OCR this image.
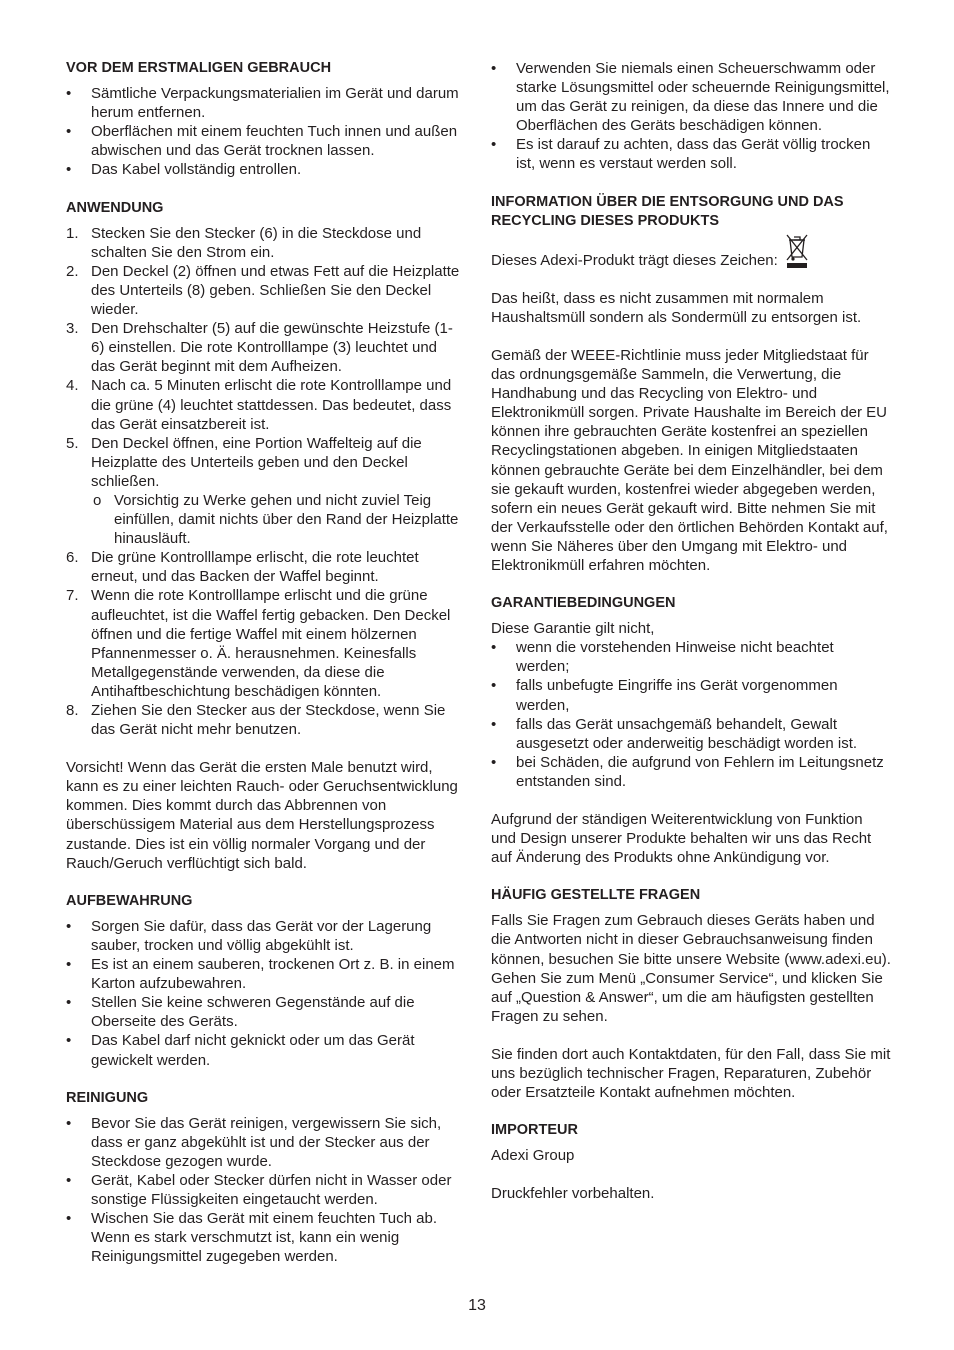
VOR DEM ERSTMALIGEN GEBRAUCH
• Sämtliche Verpackungsmaterialien im Gerät und darum herum entfernen.
• Oberflächen mit einem feuchten Tuch innen und außen abwischen und das Gerät trocknen lassen.
• Das Kabel vollständig entrollen.
ANWENDUNG
1. Stecken Sie den Stecker (6) in die Steckdose und schalten Sie den Strom ein.
2. Den Deckel (2) öffnen und etwas Fett auf die Heizplatte des Unterteils (8) geben. Schließen Sie den Deckel wieder.
3. Den Drehschalter (5) auf die gewünschte Heizstufe (1-6) einstellen. Die rote Kontrolllampe (3) leuchtet und das Gerät beginnt mit dem Aufheizen.
4. Nach ca. 5 Minuten erlischt die rote Kontrolllampe und die grüne (4) leuchtet stattdessen. Das bedeutet, dass das Gerät einsatzbereit ist.
5. Den Deckel öffnen, eine Portion Waffelteig auf die Heizplatte des Unterteils geben und den Deckel schließen.
o Vorsichtig zu Werke gehen und nicht zuviel Teig einfüllen, damit nichts über den Rand der Heizplatte hinausläuft.
6. Die grüne Kontrolllampe erlischt, die rote leuchtet erneut, und das Backen der Waffel beginnt.
7. Wenn die rote Kontrolllampe erlischt und die grüne aufleuchtet, ist die Waffel fertig gebacken. Den Deckel öffnen und die fertige Waffel mit einem hölzernen Pfannenmesser o. Ä. herausnehmen. Keinesfalls Metallgegenstände verwenden, da diese die Antihaftbeschichtung beschädigen könnten.
8. Ziehen Sie den Stecker aus der Steckdose, wenn Sie das Gerät nicht mehr benutzen.

Vorsicht! Wenn das Gerät die ersten Male benutzt wird, kann es zu einer leichten Rauch- oder Geruchsentwicklung kommen. Dies kommt durch das Abbrennen von überschüssigem Material aus dem Herstellungsprozess zustande. Dies ist ein völlig normaler Vorgang und der Rauch/Geruch verflüchtigt sich bald.

AUFBEWAHRUNG
• Sorgen Sie dafür, dass das Gerät vor der Lagerung sauber, trocken und völlig abgekühlt ist.
• Es ist an einem sauberen, trockenen Ort z. B. in einem Karton aufzubewahren.
• Stellen Sie keine schweren Gegenstände auf die Oberseite des Geräts.
• Das Kabel darf nicht geknickt oder um das Gerät gewickelt werden.
REINIGUNG
• Bevor Sie das Gerät reinigen, vergewissern Sie sich, dass er ganz abgekühlt ist und der Stecker aus der Steckdose gezogen wurde.
• Gerät, Kabel oder Stecker dürfen nicht in Wasser oder sonstige Flüssigkeiten eingetaucht werden.
• Wischen Sie das Gerät mit einem feuchten Tuch ab. Wenn es stark verschmutzt ist, kann ein wenig Reinigungsmittel zugegeben werden.
• Verwenden Sie niemals einen Scheuerschwamm oder starke Lösungsmittel oder scheuernde Reinigungsmittel, um das Gerät zu reinigen, da diese das Innere und die Oberflächen des Geräts beschädigen können.
• Es ist darauf zu achten, dass das Gerät völlig trocken ist, wenn es verstaut werden soll.
INFORMATION ÜBER DIE ENTSORGUNG UND DAS RECYCLING DIESES PRODUKTS
Dieses Adexi-Produkt trägt dieses Zeichen:

Das heißt, dass es nicht zusammen mit normalem Haushaltsmüll sondern als Sondermüll zu entsorgen ist.

Gemäß der WEEE-Richtlinie muss jeder Mitgliedstaat für das ordnungsgemäße Sammeln, die Verwertung, die Handhabung und das Recycling von Elektro- und Elektronikmüll sorgen. Private Haushalte im Bereich der EU können ihre gebrauchten Geräte kostenfrei an speziellen Recyclingstationen abgeben. In einigen Mitgliedstaaten können gebrauchte Geräte bei dem Einzelhändler, bei dem sie gekauft wurden, kostenfrei wieder abgegeben werden, sofern ein neues Gerät gekauft wird. Bitte nehmen Sie mit der Verkaufsstelle oder den örtlichen Behörden Kontakt auf, wenn Sie Näheres über den Umgang mit Elektro- und Elektronikmüll erfahren möchten.

GARANTIEBEDINGUNGEN

Diese Garantie gilt nicht,

• wenn die vorstehenden Hinweise nicht beachtet werden;
• falls unbefugte Eingriffe ins Gerät vorgenommen werden,
• falls das Gerät unsachgemäß behandelt, Gewalt ausgesetzt oder anderweitig beschädigt worden ist.
• bei Schäden, die aufgrund von Fehlern im Leitungsnetz entstanden sind.

Aufgrund der ständigen Weiterentwicklung von Funktion und Design unserer Produkte behalten wir uns das Recht auf Änderung des Produkts ohne Ankündigung vor.

HÄUFIG GESTELLTE FRAGEN

Falls Sie Fragen zum Gebrauch dieses Geräts haben und die Antworten nicht in dieser Gebrauchsanweisung finden können, besuchen Sie bitte unsere Website (www.adexi.eu).

Gehen Sie zum Menü „Consumer Service“, und klicken Sie auf „Question & Answer“, um die am häufigsten gestellten Fragen zu sehen.

Sie finden dort auch Kontaktdaten, für den Fall, dass Sie mit uns bezüglich technischer Fragen, Reparaturen, Zubehör oder Ersatzteile Kontakt aufnehmen möchten.

IMPORTEUR

Adexi Group

Druckfehler vorbehalten.

13
